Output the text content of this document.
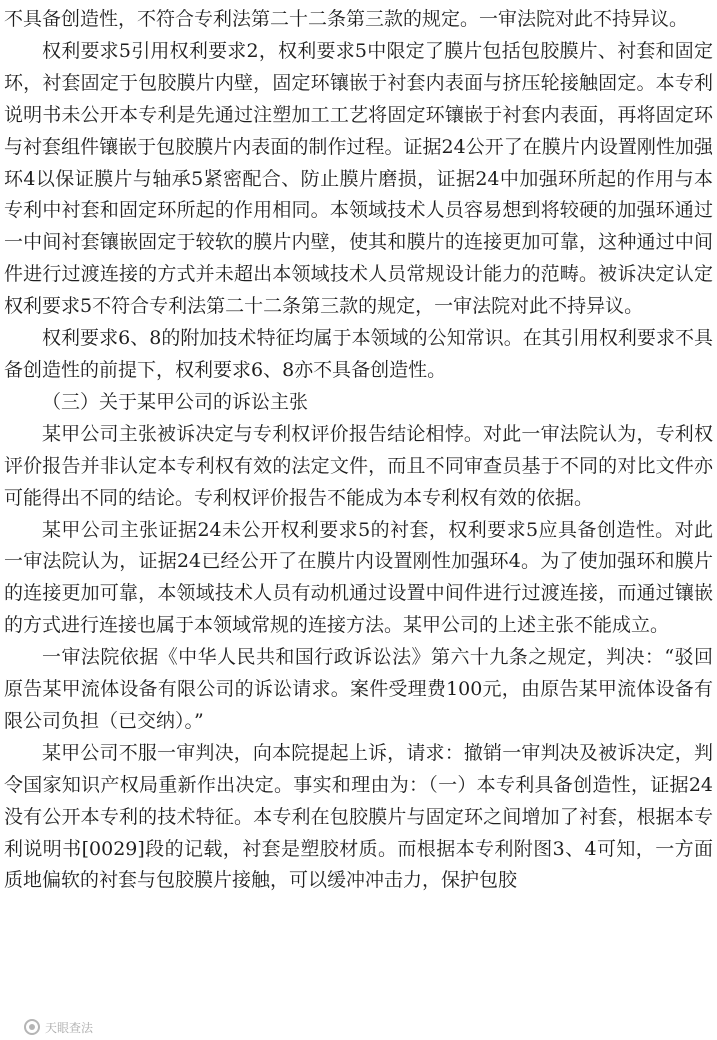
不具备创造性，不符合专利法第二十二条第三款的规定。一审法院对此不持异议。

权利要求5引用权利要求2，权利要求5中限定了膜片包括包胶膜片、衬套和固定环，衬套固定于包胶膜片内壁，固定环镶嵌于衬套内表面与挤压轮接触固定。本专利说明书未公开本专利是先通过注塑加工工艺将固定环镶嵌于衬套内表面，再将固定环与衬套组件镶嵌于包胶膜片内表面的制作过程。证据24公开了在膜片内设置刚性加强环4以保证膜片与轴承5紧密配合、防止膜片磨损，证据24中加强环所起的作用与本专利中衬套和固定环所起的作用相同。本领域技术人员容易想到将较硬的加强环通过一中间衬套镶嵌固定于较软的膜片内壁，使其和膜片的连接更加可靠，这种通过中间件进行过渡连接的方式并未超出本领域技术人员常规设计能力的范畴。被诉决定认定权利要求5不符合专利法第二十二条第三款的规定，一审法院对此不持异议。

权利要求6、8的附加技术特征均属于本领域的公知常识。在其引用权利要求不具备创造性的前提下，权利要求6、8亦不具备创造性。

（三）关于某甲公司的诉讼主张

某甲公司主张被诉决定与专利权评价报告结论相悖。对此一审法院认为，专利权评价报告并非认定本专利权有效的法定文件，而且不同审查员基于不同的对比文件亦可能得出不同的结论。专利权评价报告不能成为本专利权有效的依据。

某甲公司主张证据24未公开权利要求5的衬套，权利要求5应具备创造性。对此一审法院认为，证据24已经公开了在膜片内设置刚性加强环4。为了使加强环和膜片的连接更加可靠，本领域技术人员有动机通过设置中间件进行过渡连接，而通过镶嵌的方式进行连接也属于本领域常规的连接方法。某甲公司的上述主张不能成立。

一审法院依据《中华人民共和国行政诉讼法》第六十九条之规定，判决：“驳回原告某甲流体设备有限公司的诉讼请求。案件受理费100元，由原告某甲流体设备有限公司负担（已交纳）。”

某甲公司不服一审判决，向本院提起上诉，请求：撤销一审判决及被诉决定，判令国家知识产权局重新作出决定。事实和理由为：（一）本专利具备创造性，证据24没有公开本专利的技术特征。本专利在包胶膜片与固定环之间增加了衬套，根据本专利说明书[0029]段的记载，衬套是塑胶材质。而根据本专利附图3、4可知，一方面质地偏软的衬套与包胶膜片接触，可以缓冲冲击力，保护包胶

天眼查法
